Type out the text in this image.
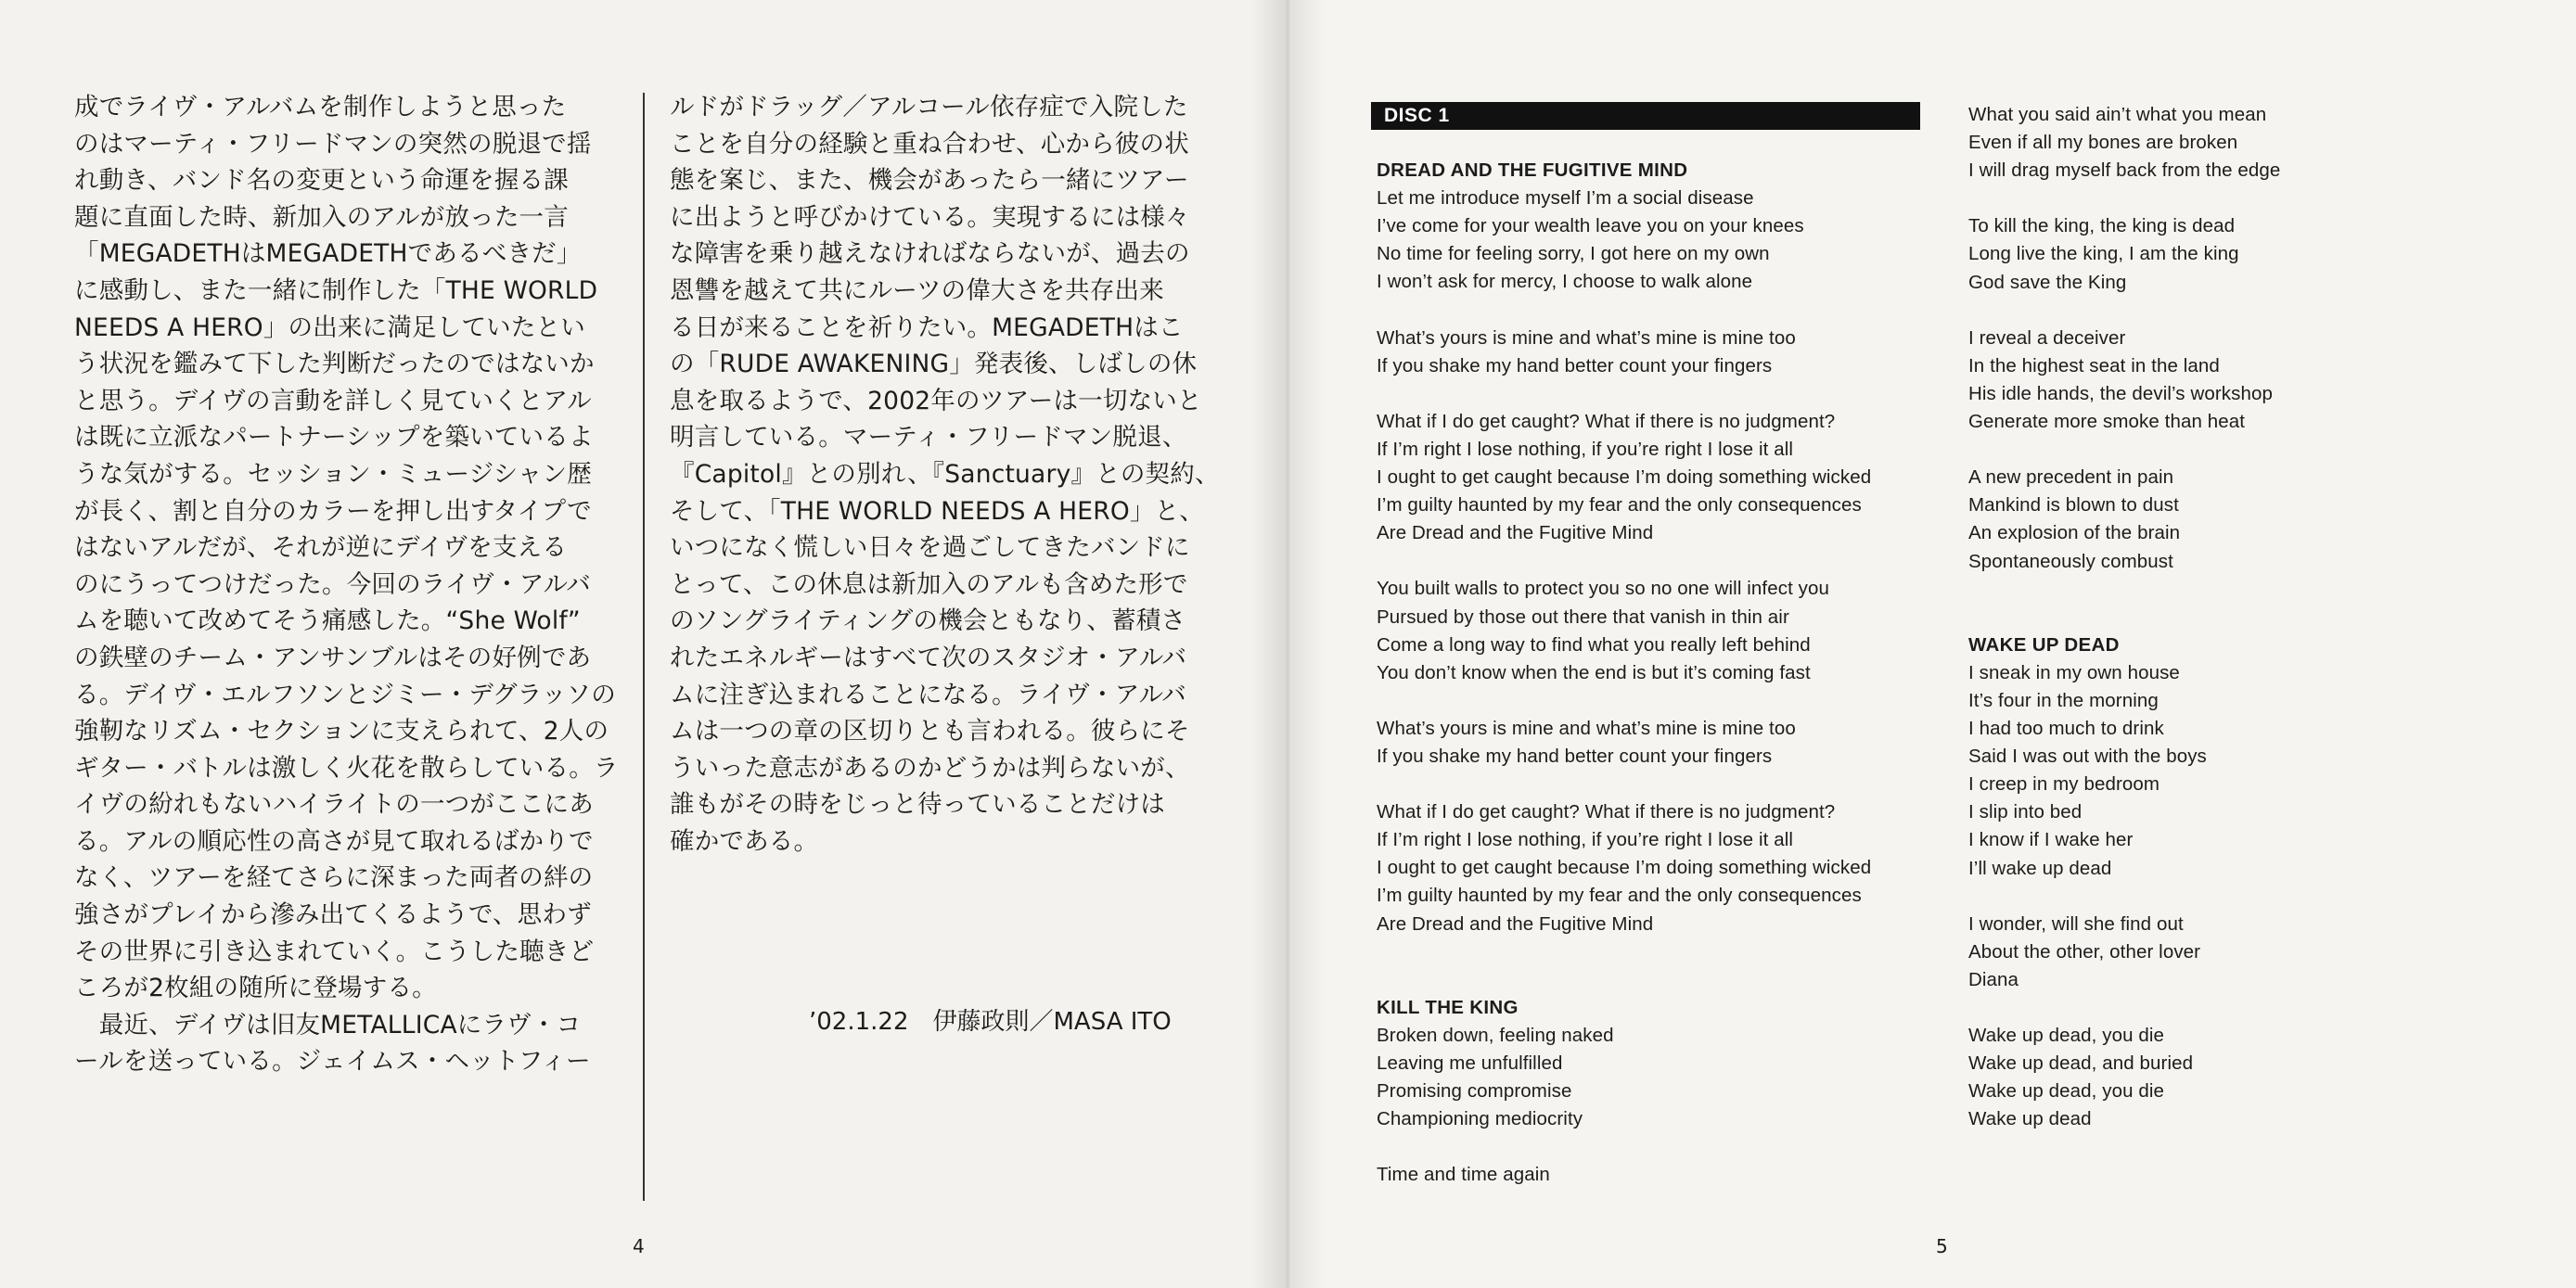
成でライヴ・アルバムを制作しようと思った
のはマーティ・フリードマンの突然の脱退で揺
れ動き、バンド名の変更という命運を握る課
題に直面した時、新加入のアルが放った一言
「MEGADETHはMEGADETHであるべきだ」
に感動し、また一緒に制作した「THE WORLD
NEEDS A HERO」の出来に満足していたとい
う状況を鑑みて下した判断だったのではないか
と思う。デイヴの言動を詳しく見ていくとアル
は既に立派なパートナーシップを築いているよ
うな気がする。セッション・ミュージシャン歴
が長く、割と自分のカラーを押し出すタイプで
はないアルだが、それが逆にデイヴを支える
のにうってつけだった。今回のライヴ・アルバ
ムを聴いて改めてそう痛感した。“She Wolf”
の鉄壁のチーム・アンサンブルはその好例であ
る。デイヴ・エルフソンとジミー・デグラッソの
強靭なリズム・セクションに支えられて、2人の
ギター・バトルは激しく火花を散らしている。ラ
イヴの紛れもないハイライトの一つがここにあ
る。アルの順応性の高さが見て取れるばかりで
なく、ツアーを経てさらに深まった両者の絆の
強さがプレイから滲み出てくるようで、思わず
その世界に引き込まれていく。こうした聴きど
ころが2枚組の随所に登場する。
　最近、デイヴは旧友METALLICAにラヴ・コ
ールを送っている。ジェイムス・ヘットフィー
ルドがドラッグ／アルコール依存症で入院した
ことを自分の経験と重ね合わせ、心から彼の状
態を案じ、また、機会があったら一緒にツアー
に出ようと呼びかけている。実現するには様々
な障害を乗り越えなければならないが、過去の
恩讐を越えて共にルーツの偉大さを共存出来
る日が来ることを祈りたい。MEGADETHはこ
の「RUDE AWAKENING」発表後、しばしの休
息を取るようで、2002年のツアーは一切ないと
明言している。マーティ・フリードマン脱退、
『Capitol』との別れ、『Sanctuary』との契約、
そして、「THE WORLD NEEDS A HERO」と、
いつになく慌しい日々を過ごしてきたバンドに
とって、この休息は新加入のアルも含めた形で
のソングライティングの機会ともなり、蓄積さ
れたエネルギーはすべて次のスタジオ・アルバ
ムに注ぎ込まれることになる。ライヴ・アルバ
ムは一つの章の区切りとも言われる。彼らにそ
ういった意志があるのかどうかは判らないが、
誰もがその時をじっと待っていることだけは
確かである。
’02.1.22　伊藤政則／MASA ITO
4
DISC 1
DREAD AND THE FUGITIVE MIND
Let me introduce myself I’m a social disease
I’ve come for your wealth leave you on your knees
No time for feeling sorry, I got here on my own
I won’t ask for mercy, I choose to walk alone
What’s yours is mine and what’s mine is mine too
If you shake my hand better count your fingers
What if I do get caught? What if there is no judgment?
If I’m right I lose nothing, if you’re right I lose it all
I ought to get caught because I’m doing something wicked
I’m guilty haunted by my fear and the only consequences
Are Dread and the Fugitive Mind
You built walls to protect you so no one will infect you
Pursued by those out there that vanish in thin air
Come a long way to find what you really left behind
You don’t know when the end is but it’s coming fast
What’s yours is mine and what’s mine is mine too
If you shake my hand better count your fingers
What if I do get caught? What if there is no judgment?
If I’m right I lose nothing, if you’re right I lose it all
I ought to get caught because I’m doing something wicked
I’m guilty haunted by my fear and the only consequences
Are Dread and the Fugitive Mind
KILL THE KING
Broken down, feeling naked
Leaving me unfulfilled
Promising compromise
Championing mediocrity
Time and time again
What you said ain’t what you mean
Even if all my bones are broken
I will drag myself back from the edge
To kill the king, the king is dead
Long live the king, I am the king
God save the King
I reveal a deceiver
In the highest seat in the land
His idle hands, the devil’s workshop
Generate more smoke than heat
A new precedent in pain
Mankind is blown to dust
An explosion of the brain
Spontaneously combust
WAKE UP DEAD
I sneak in my own house
It’s four in the morning
I had too much to drink
Said I was out with the boys
I creep in my bedroom
I slip into bed
I know if I wake her
I’ll wake up dead
I wonder, will she find out
About the other, other lover
Diana
Wake up dead, you die
Wake up dead, and buried
Wake up dead, you die
Wake up dead
5
